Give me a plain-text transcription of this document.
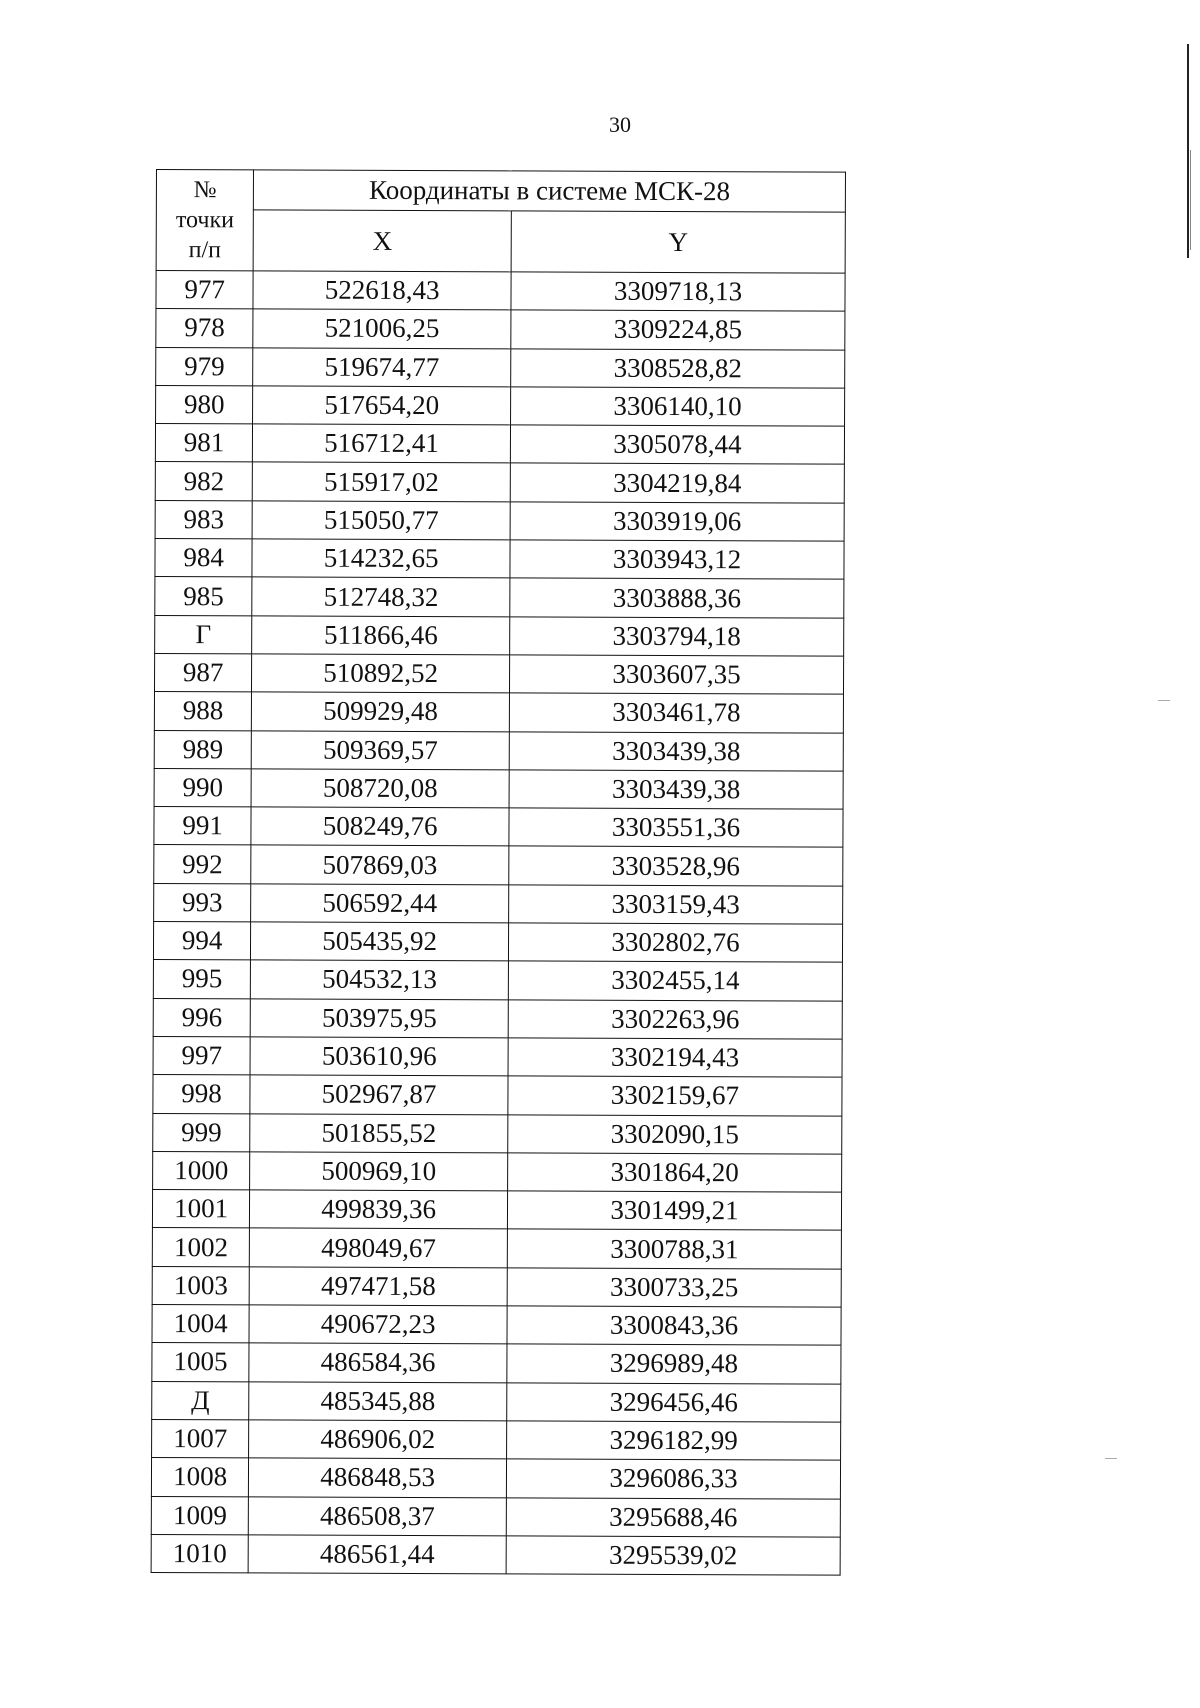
30
№
точки
п/п	Координаты в системе МСК-28	
	X	Y
977	522618,43	3309718,13
978	521006,25	3309224,85
979	519674,77	3308528,82
980	517654,20	3306140,10
981	516712,41	3305078,44
982	515917,02	3304219,84
983	515050,77	3303919,06
984	514232,65	3303943,12
985	512748,32	3303888,36
Г	511866,46	3303794,18
987	510892,52	3303607,35
988	509929,48	3303461,78
989	509369,57	3303439,38
990	508720,08	3303439,38
991	508249,76	3303551,36
992	507869,03	3303528,96
993	506592,44	3303159,43
994	505435,92	3302802,76
995	504532,13	3302455,14
996	503975,95	3302263,96
997	503610,96	3302194,43
998	502967,87	3302159,67
999	501855,52	3302090,15
1000	500969,10	3301864,20
1001	499839,36	3301499,21
1002	498049,67	3300788,31
1003	497471,58	3300733,25
1004	490672,23	3300843,36
1005	486584,36	3296989,48
Д	485345,88	3296456,46
1007	486906,02	3296182,99
1008	486848,53	3296086,33
1009	486508,37	3295688,46
1010	486561,44	3295539,02
